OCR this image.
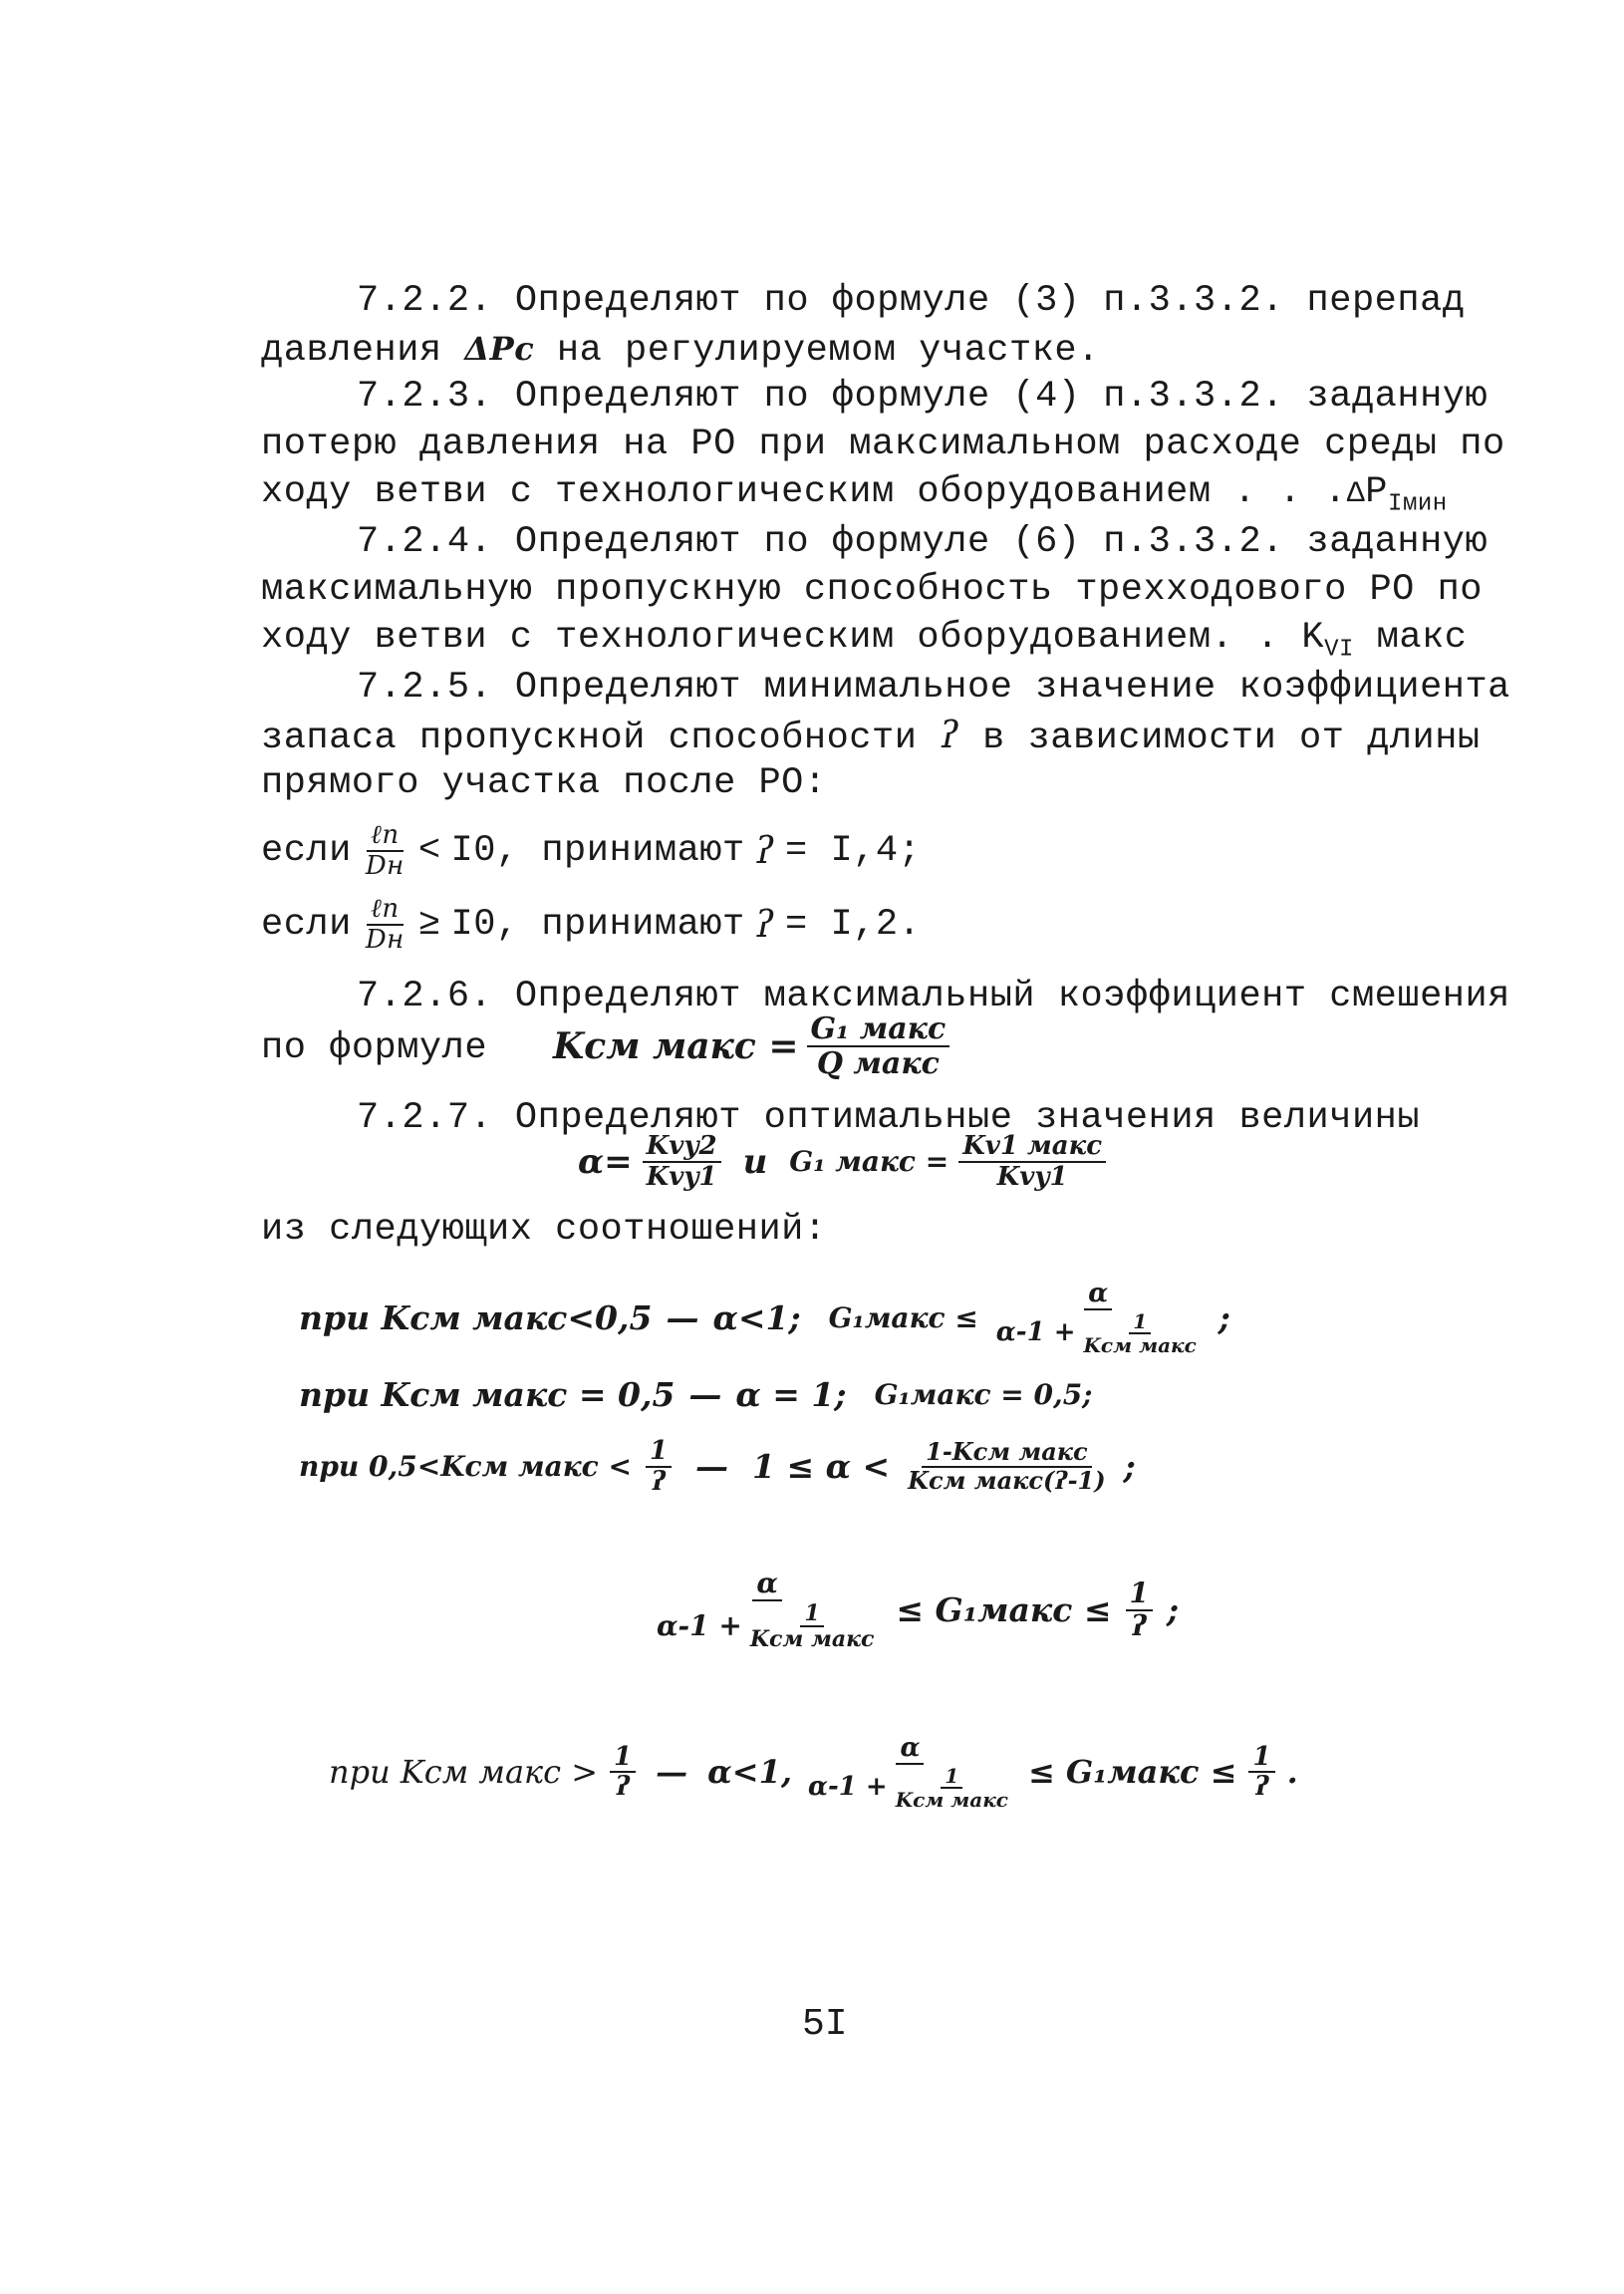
7.2.2. Определяют по формуле (3) п.3.3.2. перепад
давления ΔPc на регулируемом участке.
7.2.3. Определяют по формуле (4) п.3.3.2. заданную
потерю давления на РО при максимальном расходе среды по
ходу ветви с технологическим оборудованием . . $.\Delta P_{Iмин}$
7.2.4. Определяют по формуле (6) п.3.3.2. заданную
максимальную пропускную способность трехходового РО по
ходу ветви с технологическим оборудованием. . $K_{VI}$ макс
7.2.5. Определяют минимальное значение коэффициента
запаса пропускной способности ʔ в зависимости от длины
прямого участка после РО:
если $\frac{\text{ℓп}}{Dн} < I0$, принимают ʔ = I,4;
если $\frac{\text{ℓп}}{Dн} \ge I0$, принимают ʔ = I,2.
7.2.6. Определяют максимальный коэффициент смешения
по формуле Kсм макс = $\frac{\text{G₁ макс}}{\text{Q макс}}$
7.2.7. Определяют оптимальные значения величины
$\alpha= \frac{\text{Kvy2}}{\text{Kvy1}}$ и G₁ макс = $\frac{\text{Kv1 макс}}{\text{Kvy1}}$
из следующих соотношений:
при Kсм макс<0,5 — α<1; G₁макс ≤ $\frac{\alpha}{\alpha-1 + \frac{1}{\text{Kсм макс}}}$ ;
при Kсм макс = 0,5 — α = 1; G₁макс = 0,5;
при 0,5<Kсм макс < $\frac{1}{\text{ʔ}}$ — $1 \le \alpha < \frac{\text{1-Kсм макс}}{\text{Kсм макс(ʔ-1)}}$ ;
$\frac{\alpha}{\alpha-1 + \frac{1}{\text{Kсм макс}}}$ ≤ G₁макс ≤ $\frac{1}{\text{ʔ}}$ ;
при Kсм макс > $\frac{1}{\text{ʔ}}$ — α<1, $\frac{\alpha}{\alpha-1 + \frac{1}{\text{Kсм макс}}}$ ≤ G₁макс ≤ $\frac{1}{\text{ʔ}}$ .
5I
